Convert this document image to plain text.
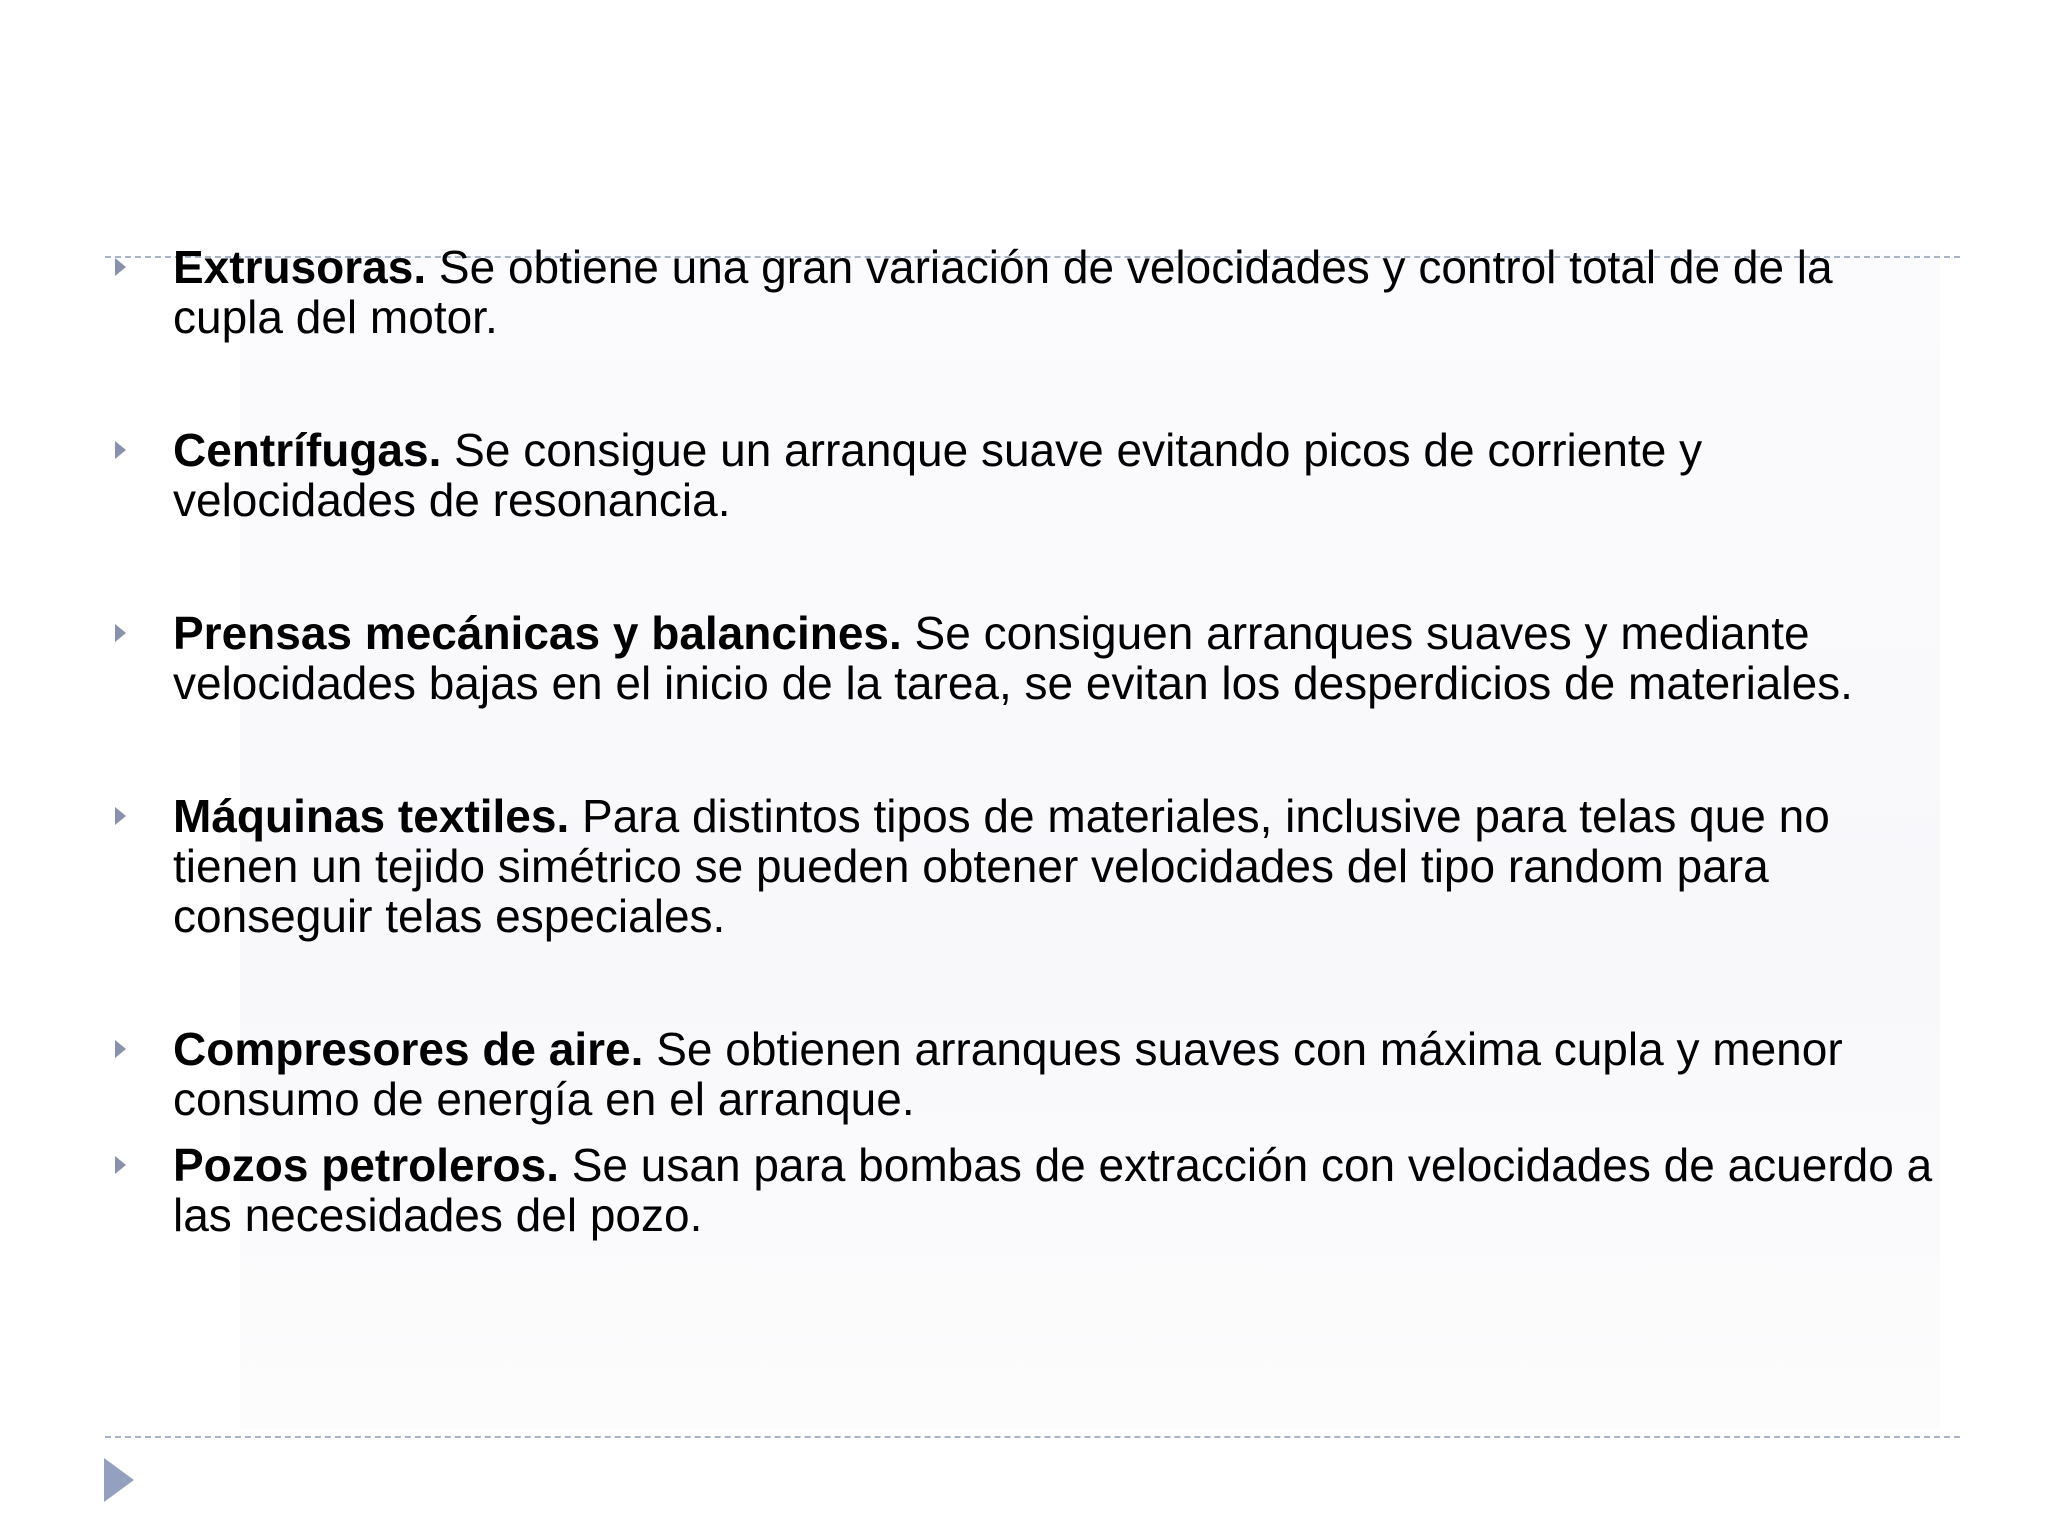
Extrusoras. Se obtiene una gran variación de velocidades y control total de de la cupla del motor.
Centrífugas. Se consigue un arranque suave evitando picos de corriente y velocidades de resonancia.
Prensas mecánicas y balancines. Se consiguen arranques suaves y mediante velocidades bajas en el inicio de la tarea, se evitan los desperdicios de materiales.
Máquinas textiles. Para distintos tipos de materiales, inclusive para telas que no tienen un tejido simétrico se pueden obtener velocidades del tipo random para conseguir telas especiales.
Compresores de aire. Se obtienen arranques suaves con máxima cupla y menor consumo de energía en el arranque.
Pozos petroleros. Se usan para bombas de extracción con velocidades de acuerdo a las necesidades del pozo.
